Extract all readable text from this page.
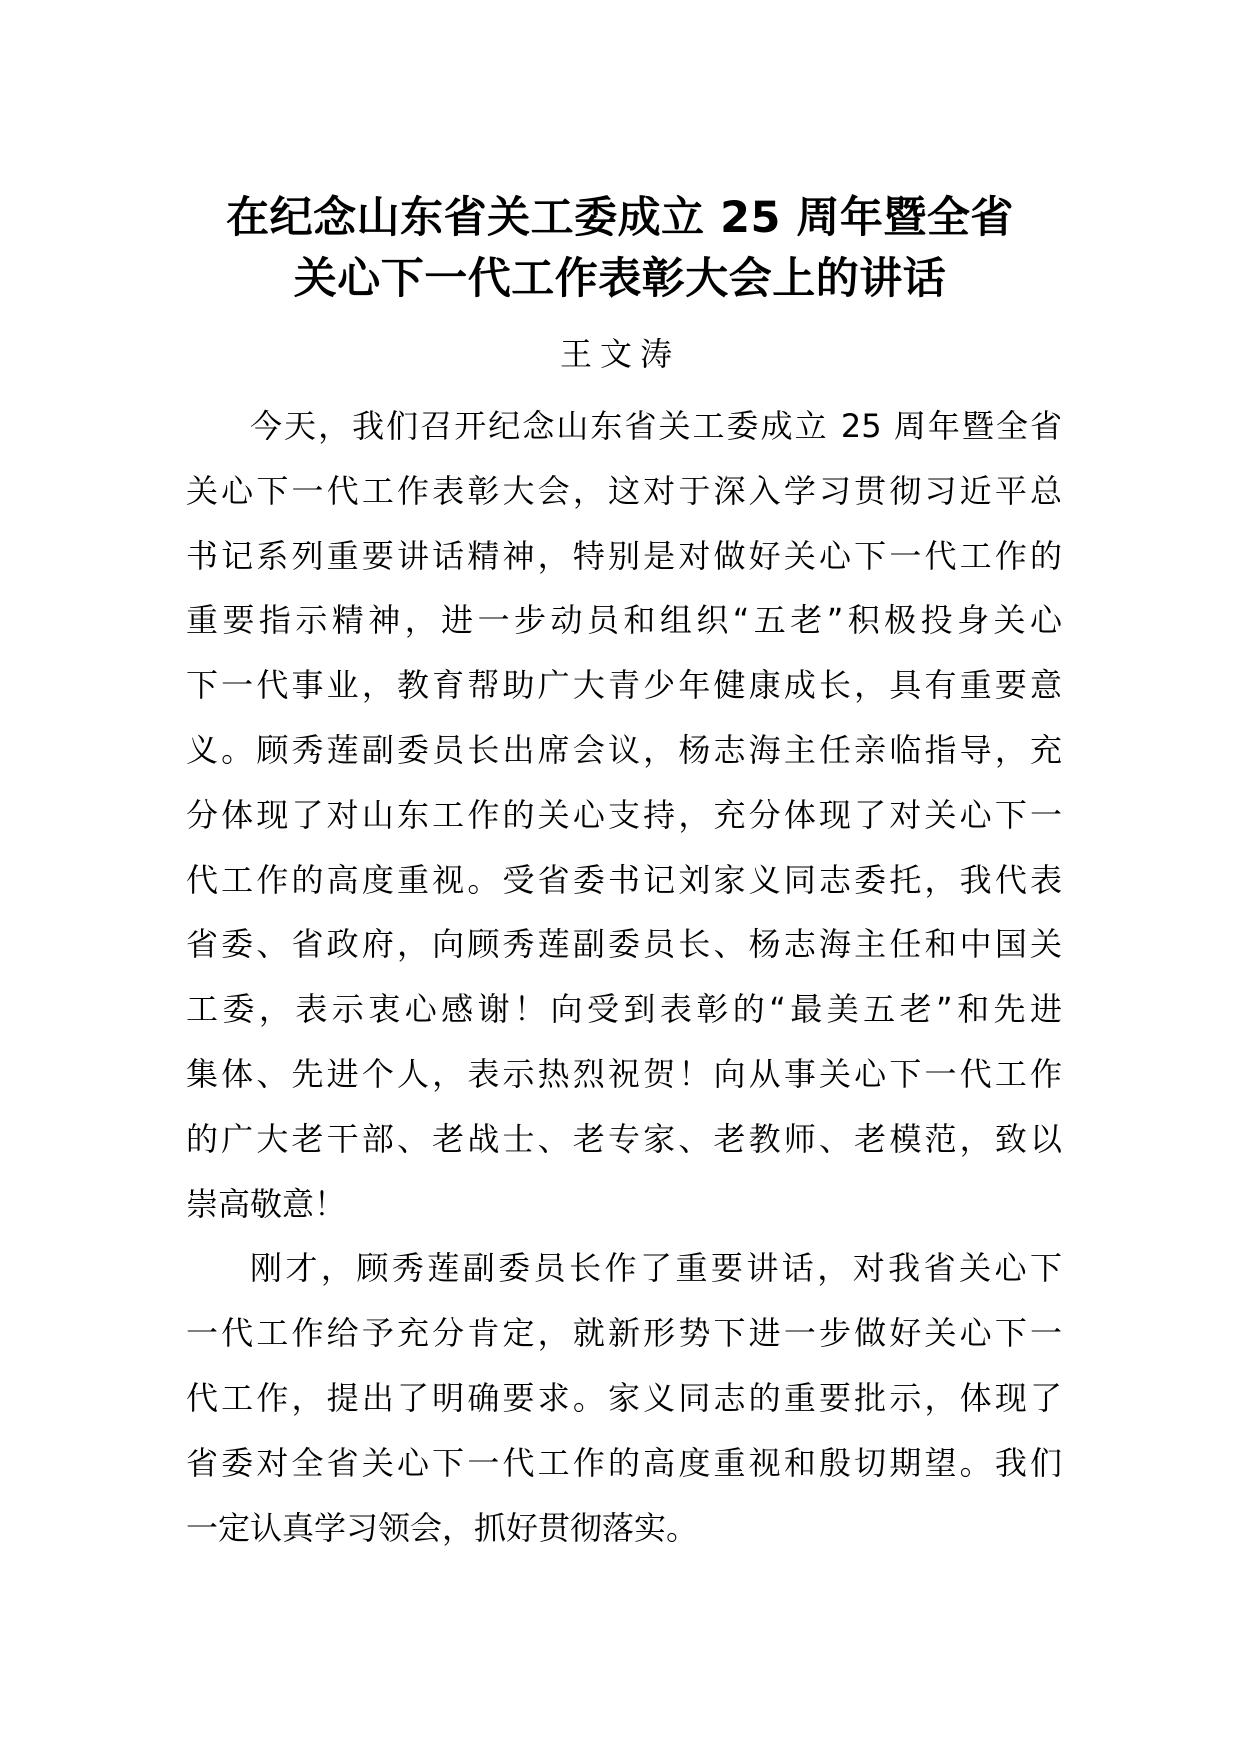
在纪念山东省关工委成立 25 周年暨全省
关心下一代工作表彰大会上的讲话

王文涛

今天，我们召开纪念山东省关工委成立 25 周年暨全省
关心下一代工作表彰大会，这对于深入学习贯彻习近平总
书记系列重要讲话精神，特别是对做好关心下一代工作的
重要指示精神，进一步动员和组织“五老”积极投身关心
下一代事业，教育帮助广大青少年健康成长，具有重要意
义。顾秀莲副委员长出席会议，杨志海主任亲临指导，充
分体现了对山东工作的关心支持，充分体现了对关心下一
代工作的高度重视。受省委书记刘家义同志委托，我代表
省委、省政府，向顾秀莲副委员长、杨志海主任和中国关
工委，表示衷心感谢！向受到表彰的“最美五老”和先进
集体、先进个人，表示热烈祝贺！向从事关心下一代工作
的广大老干部、老战士、老专家、老教师、老模范，致以
崇高敬意！

刚才，顾秀莲副委员长作了重要讲话，对我省关心下
一代工作给予充分肯定，就新形势下进一步做好关心下一
代工作，提出了明确要求。家义同志的重要批示，体现了
省委对全省关心下一代工作的高度重视和殷切期望。我们
一定认真学习领会，抓好贯彻落实。
